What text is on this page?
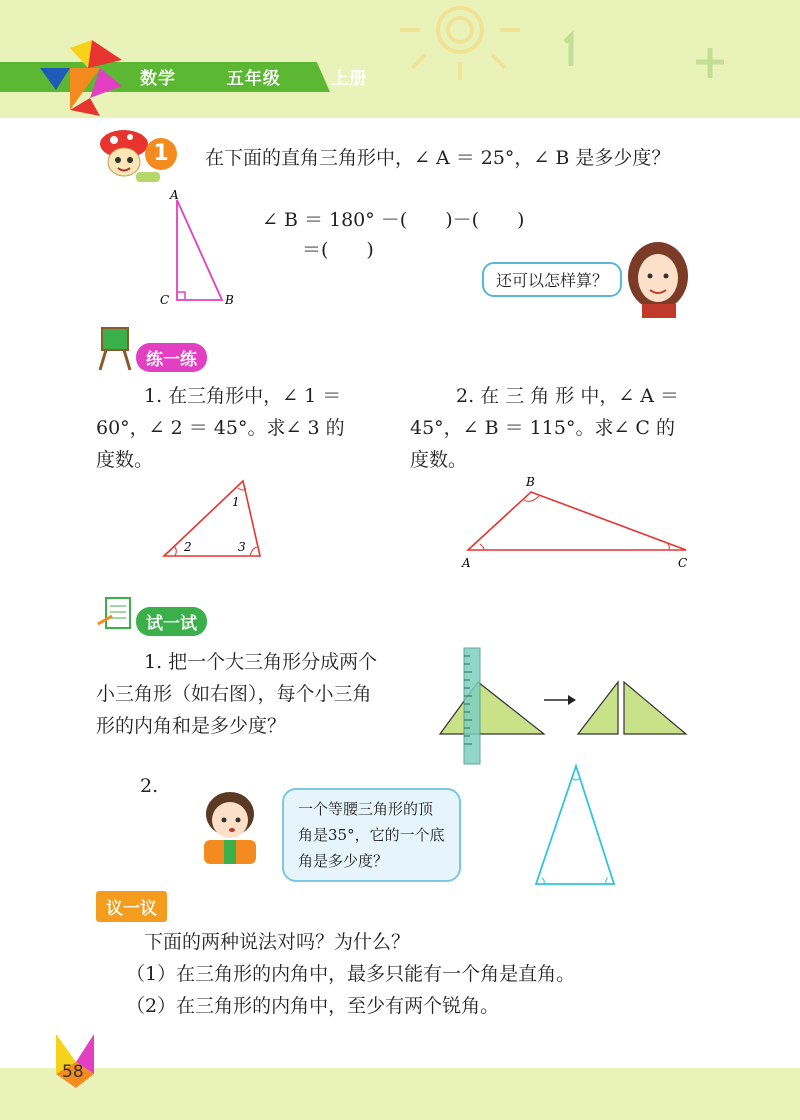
数学   五年级   上册
1	在下面的直角三角形中，∠ A ＝ 25°，∠ B 是多少度？
A
C	B
∠ B ＝ 180° －(　　)－(　　)
＝(　　)
还可以怎样算？
练一练
1. 在三角形中，∠ 1 ＝
60°，∠ 2 ＝ 45°。求∠ 3 的
度数。
1
2	3
2. 在 三 角 形 中，∠ A ＝
45°，∠ B ＝ 115°。求∠ C 的
度数。
A
B
C
试一试
1. 把一个大三角形分成两个
小三角形（如右图），每个小三角
形的内角和是多少度？
2.
一个等腰三角形的顶
角是35°，它的一个底
角是多少度？
议一议
下面的两种说法对吗？为什么？
（1）在三角形的内角中，最多只能有一个角是直角。
（2）在三角形的内角中，至少有两个锐角。
58
